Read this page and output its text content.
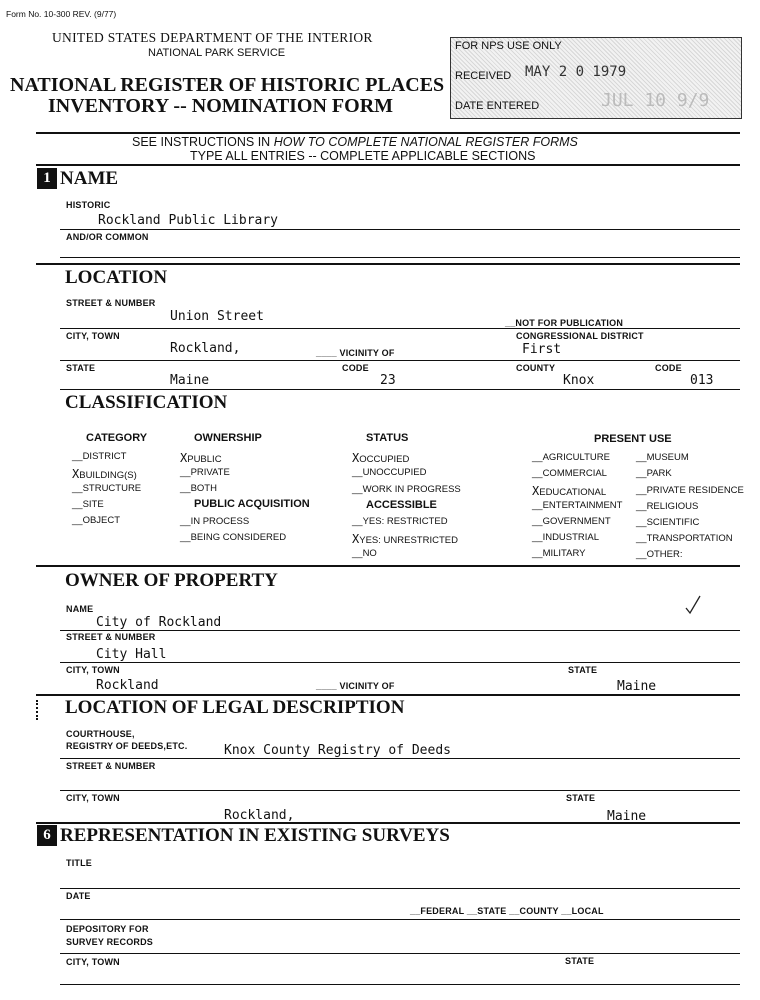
Form No. 10-300 REV. (9/77)
UNITED STATES DEPARTMENT OF THE INTERIOR
NATIONAL PARK SERVICE
NATIONAL REGISTER OF HISTORIC PLACES
INVENTORY -- NOMINATION FORM
FOR NPS USE ONLY
RECEIVED MAY 2 0 1979
DATE ENTERED	JUL 10 9/9
SEE INSTRUCTIONS IN HOW TO COMPLETE NATIONAL REGISTER FORMS
TYPE ALL ENTRIES -- COMPLETE APPLICABLE SECTIONS
1 NAME
HISTORIC
Rockland Public Library
AND/OR COMMON
LOCATION
STREET & NUMBER
Union Street	__NOT FOR PUBLICATION
CITY, TOWN
Rockland,	____ VICINITY OF
CONGRESSIONAL DISTRICT
First
STATE
Maine
CODE
23
COUNTY
Knox
CODE
013
CLASSIFICATION
CATEGORY
__DISTRICT
XBUILDING(S)
__STRUCTURE
__SITE
__OBJECT
OWNERSHIP
XPUBLIC
__PRIVATE
__BOTH
PUBLIC ACQUISITION
__IN PROCESS
__BEING CONSIDERED
STATUS
XOCCUPIED
__UNOCCUPIED
__WORK IN PROGRESS
ACCESSIBLE
__YES: RESTRICTED
XYES: UNRESTRICTED
__NO
PRESENT USE
__AGRICULTURE
__COMMERCIAL
XEDUCATIONAL
__ENTERTAINMENT
__GOVERNMENT
__INDUSTRIAL
__MILITARY
__MUSEUM
__PARK
__PRIVATE RESIDENCE
__RELIGIOUS
__SCIENTIFIC
__TRANSPORTATION
__OTHER:
OWNER OF PROPERTY
NAME
City of Rockland
STREET & NUMBER
City Hall
CITY, TOWN
Rockland	____ VICINITY OF
STATE
Maine
LOCATION OF LEGAL DESCRIPTION
COURTHOUSE,
REGISTRY OF DEEDS,ETC.	Knox County Registry of Deeds
STREET & NUMBER
CITY, TOWN
Rockland,
STATE
Maine
6 REPRESENTATION IN EXISTING SURVEYS
TITLE
DATE
__FEDERAL __STATE __COUNTY __LOCAL
DEPOSITORY FOR
SURVEY RECORDS
CITY, TOWN	STATE
